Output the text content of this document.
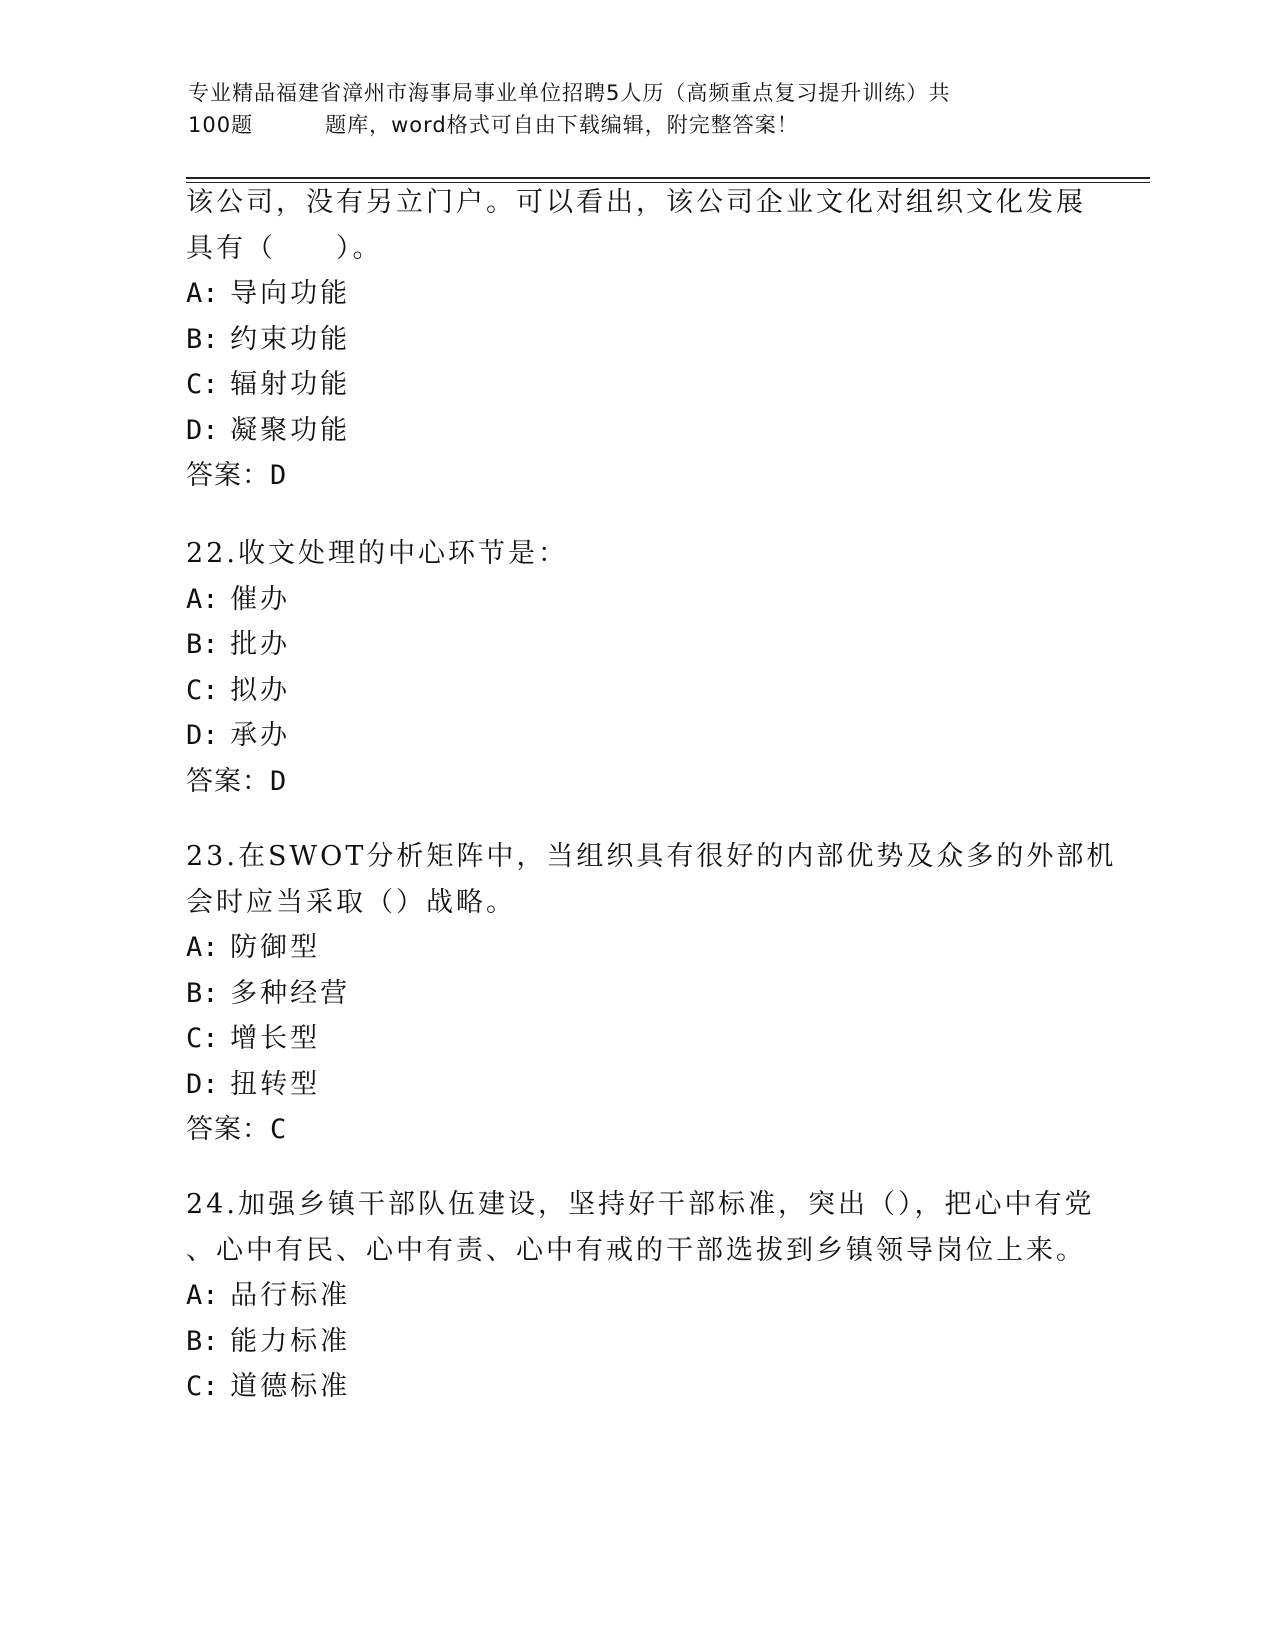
专业精品福建省漳州市海事局事业单位招聘5人历（高频重点复习提升训练）共
100题	题库，word格式可自由下载编辑，附完整答案！
该公司，没有另立门户。可以看出，该公司企业文化对组织文化发展
具有（　　）。
A: 导向功能
B: 约束功能
C: 辐射功能
D: 凝聚功能
答案：D
22.收文处理的中心环节是：
A: 催办
B: 批办
C: 拟办
D: 承办
答案：D
23.在SWOT分析矩阵中，当组织具有很好的内部优势及众多的外部机
会时应当采取（）战略。
A: 防御型
B: 多种经营
C: 增长型
D: 扭转型
答案：C
24.加强乡镇干部队伍建设，坚持好干部标准，突出（），把心中有党
、心中有民、心中有责、心中有戒的干部选拔到乡镇领导岗位上来。
A: 品行标准
B: 能力标准
C: 道德标准
